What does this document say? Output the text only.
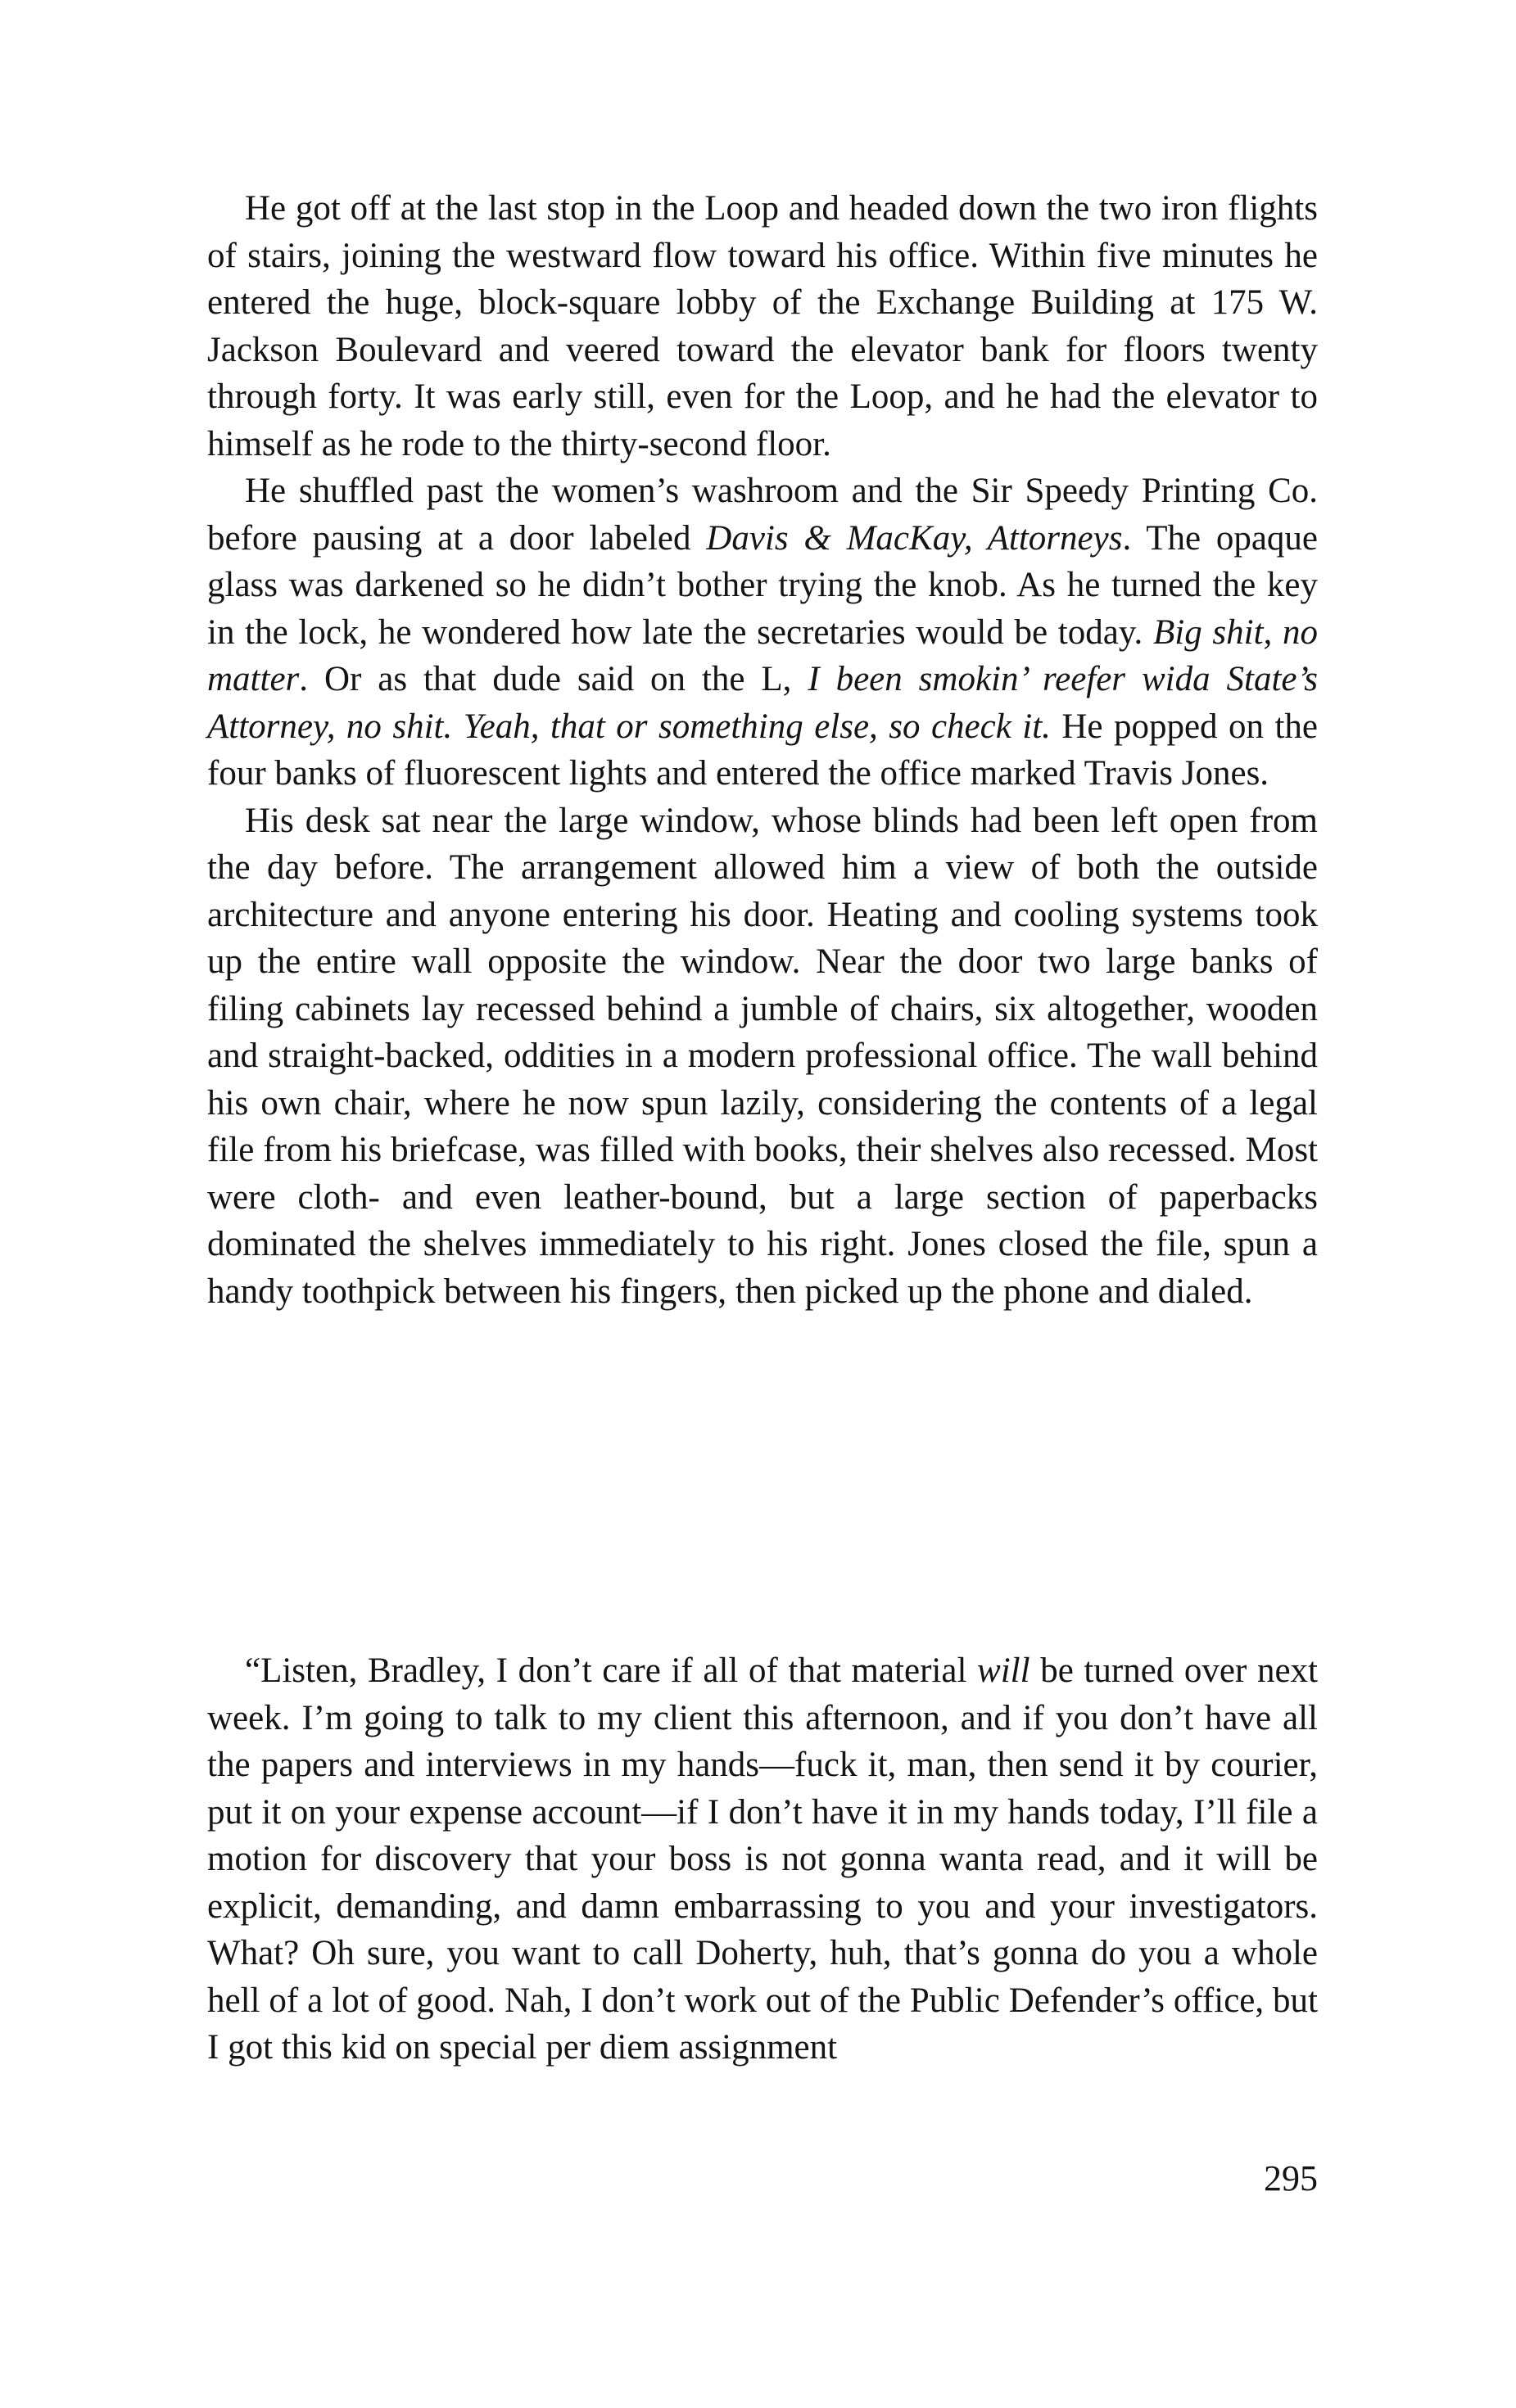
He got off at the last stop in the Loop and headed down the two iron flights of stairs, joining the westward flow toward his office. Within five minutes he entered the huge, block-square lobby of the Exchange Building at 175 W. Jackson Boulevard and veered toward the elevator bank for floors twenty through forty. It was early still, even for the Loop, and he had the elevator to himself as he rode to the thirty-second floor.

He shuffled past the women’s washroom and the Sir Speedy Printing Co. before pausing at a door labeled Davis & MacKay, Attorneys. The opaque glass was darkened so he didn’t bother trying the knob. As he turned the key in the lock, he wondered how late the secretaries would be today. Big shit, no matter. Or as that dude said on the L, I been smokin’ reefer wida State’s Attorney, no shit. Yeah, that or something else, so check it. He popped on the four banks of fluorescent lights and entered the office marked Travis Jones.

His desk sat near the large window, whose blinds had been left open from the day before. The arrangement allowed him a view of both the outside architecture and anyone entering his door. Heating and cooling systems took up the entire wall opposite the window. Near the door two large banks of filing cabinets lay recessed behind a jumble of chairs, six altogether, wooden and straight-backed, oddities in a modern professional office. The wall behind his own chair, where he now spun lazily, considering the contents of a legal file from his briefcase, was filled with books, their shelves also recessed. Most were cloth- and even leather-bound, but a large section of paperbacks dominated the shelves immediately to his right. Jones closed the file, spun a handy toothpick between his fingers, then picked up the phone and dialed.

“Listen, Bradley, I don’t care if all of that material will be turned over next week. I’m going to talk to my client this afternoon, and if you don’t have all the papers and interviews in my hands—fuck it, man, then send it by courier, put it on your expense account—if I don’t have it in my hands today, I’ll file a motion for discovery that your boss is not gonna wanta read, and it will be explicit, demanding, and damn embarrassing to you and your investigators. What? Oh sure, you want to call Doherty, huh, that’s gonna do you a whole hell of a lot of good. Nah, I don’t work out of the Public Defender’s office, but I got this kid on special per diem assignment

295
